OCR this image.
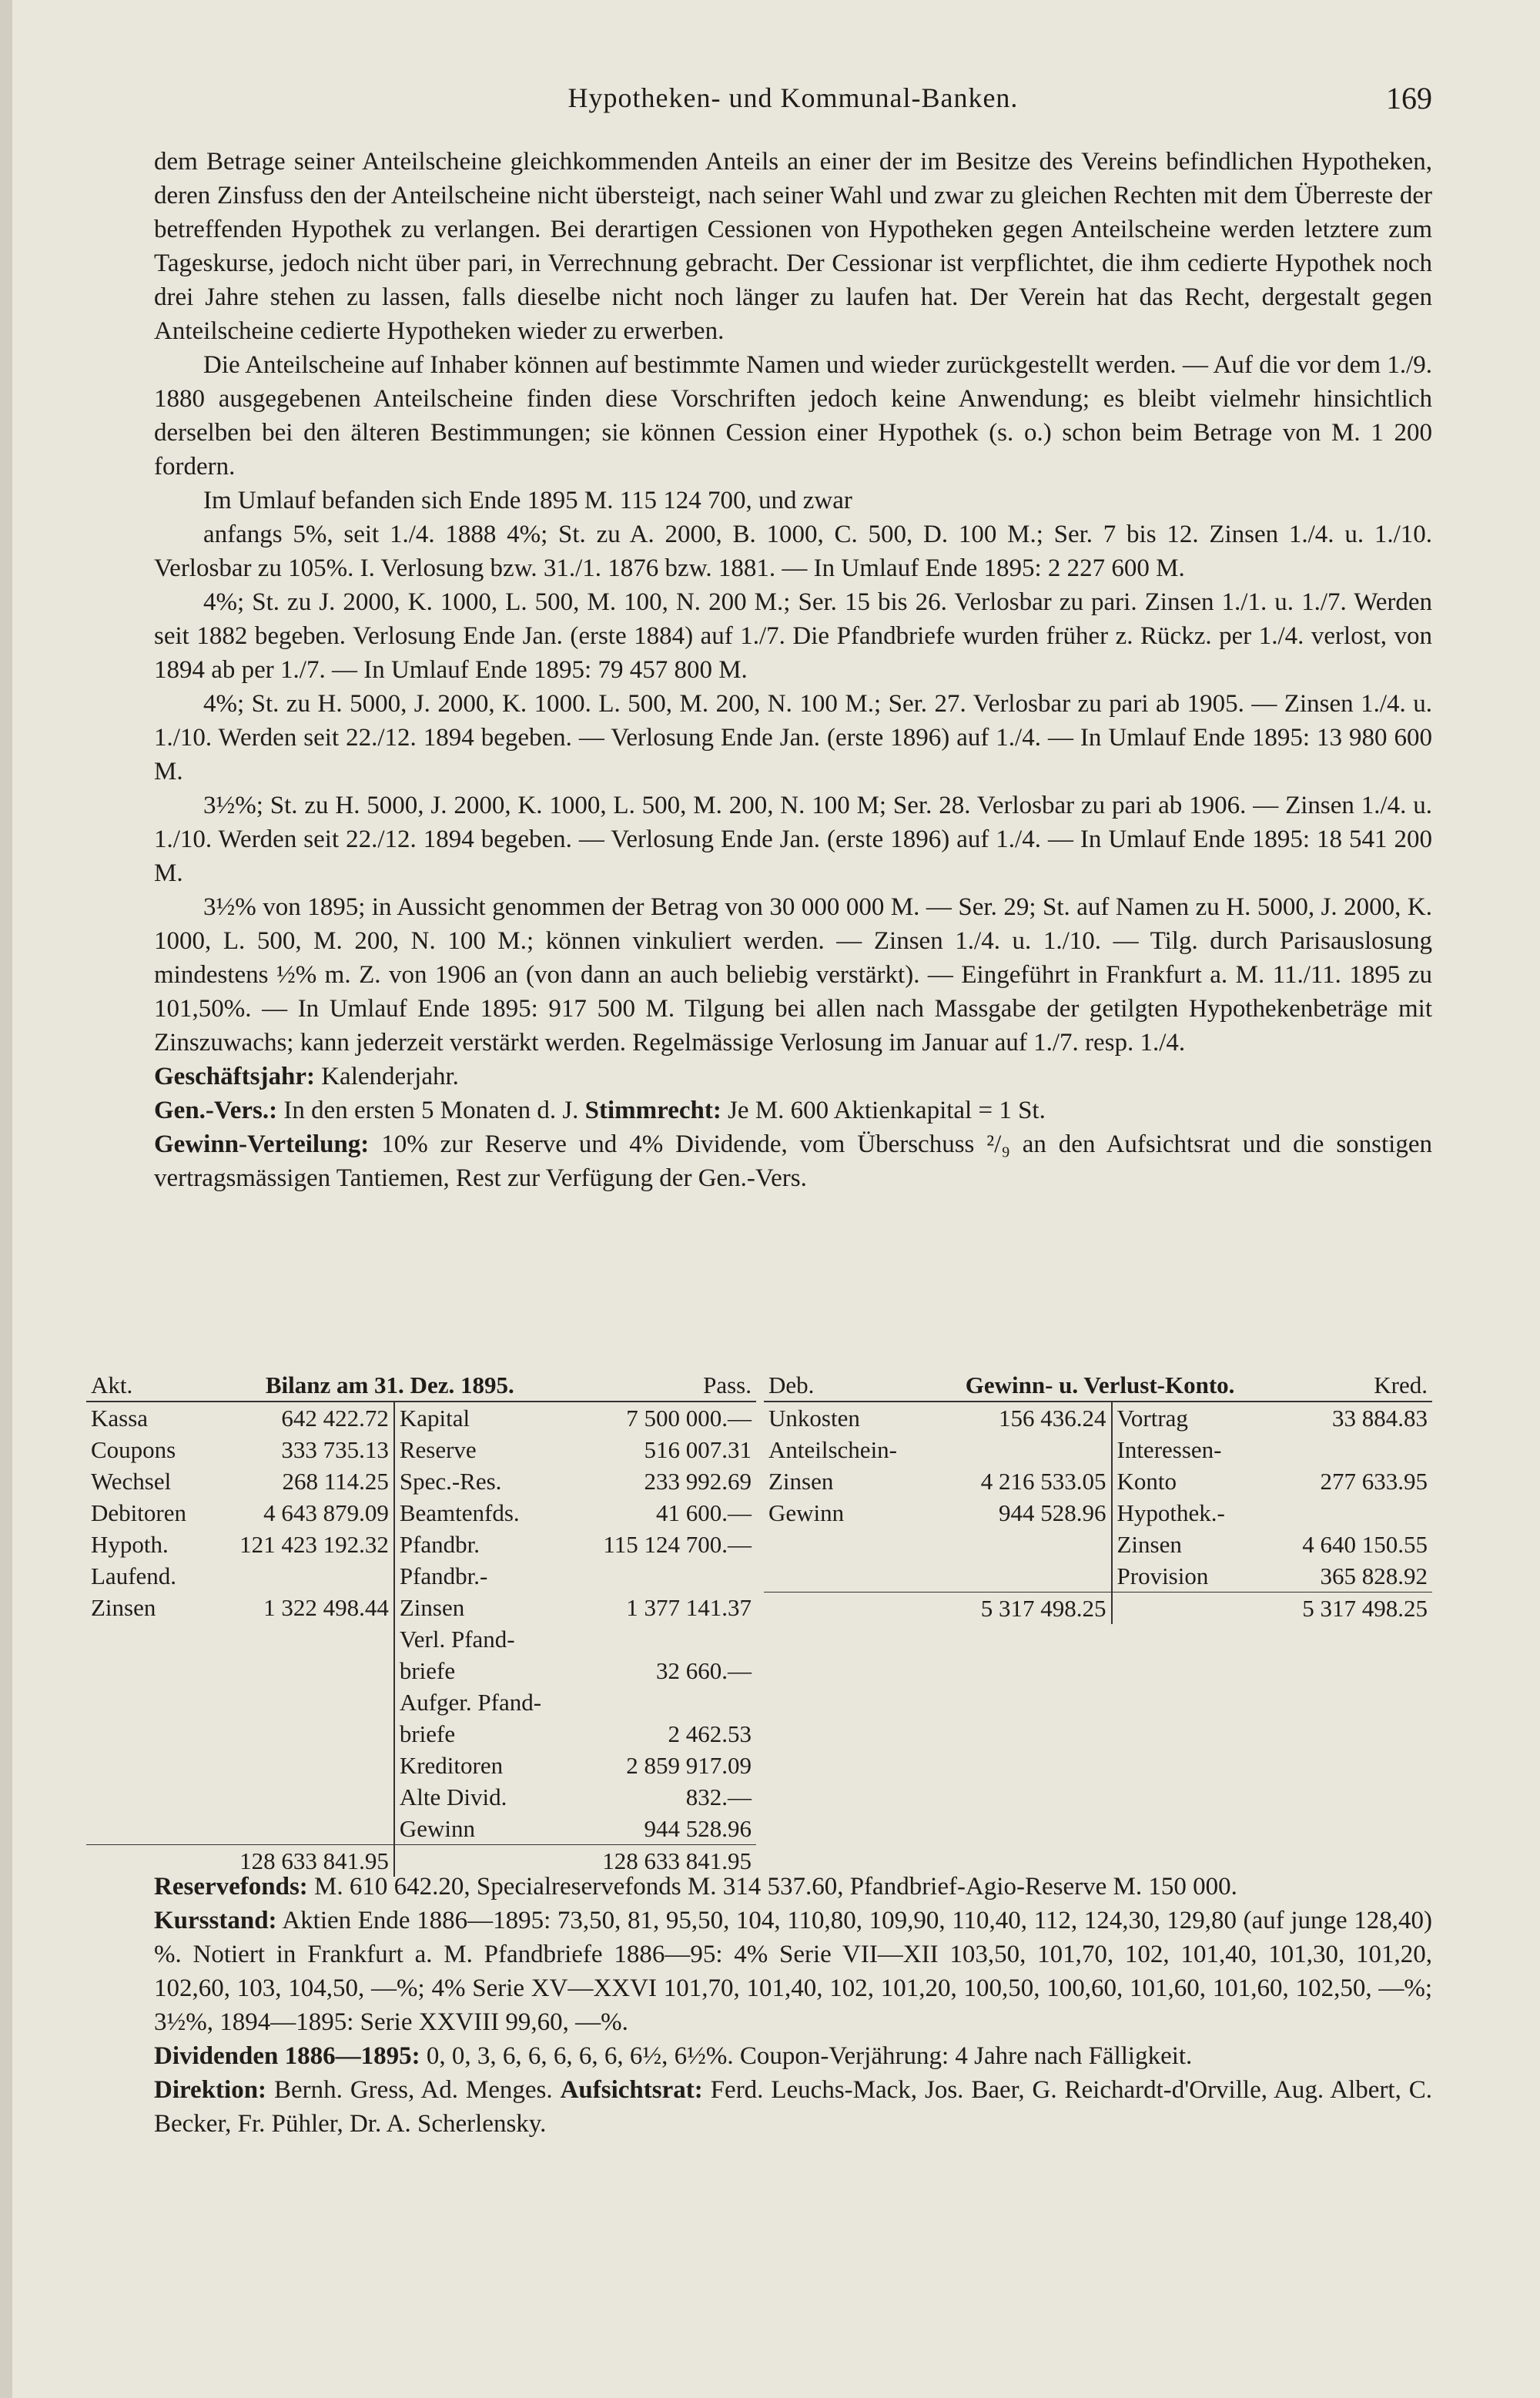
Hypotheken- und Kommunal-Banken.	169

dem Betrage seiner Anteilscheine gleichkommenden Anteils an einer der im Besitze des Vereins befindlichen Hypotheken, deren Zinsfuss den der Anteilscheine nicht übersteigt, nach seiner Wahl und zwar zu gleichen Rechten mit dem Überreste der betreffenden Hypothek zu verlangen. Bei derartigen Cessionen von Hypotheken gegen Anteilscheine werden letztere zum Tageskurse, jedoch nicht über pari, in Verrechnung gebracht. Der Cessionar ist verpflichtet, die ihm cedierte Hypothek noch drei Jahre stehen zu lassen, falls dieselbe nicht noch länger zu laufen hat. Der Verein hat das Recht, dergestalt gegen Anteilscheine cedierte Hypotheken wieder zu erwerben.

Die Anteilscheine auf Inhaber können auf bestimmte Namen und wieder zurückgestellt werden. — Auf die vor dem 1./9. 1880 ausgegebenen Anteilscheine finden diese Vorschriften jedoch keine Anwendung; es bleibt vielmehr hinsichtlich derselben bei den älteren Bestimmungen; sie können Cession einer Hypothek (s. o.) schon beim Betrage von M. 1 200 fordern.

Im Umlauf befanden sich Ende 1895 M. 115 124 700, und zwar

anfangs 5%, seit 1./4. 1888 4%; St. zu A. 2000, B. 1000, C. 500, D. 100 M.; Ser. 7 bis 12. Zinsen 1./4. u. 1./10. Verlosbar zu 105%. I. Verlosung bzw. 31./1. 1876 bzw. 1881. — In Umlauf Ende 1895: 2 227 600 M.

4%; St. zu J. 2000, K. 1000, L. 500, M. 100, N. 200 M.; Ser. 15 bis 26. Verlosbar zu pari. Zinsen 1./1. u. 1./7. Werden seit 1882 begeben. Verlosung Ende Jan. (erste 1884) auf 1./7. Die Pfandbriefe wurden früher z. Rückz. per 1./4. verlost, von 1894 ab per 1./7. — In Umlauf Ende 1895: 79 457 800 M.

4%; St. zu H. 5000, J. 2000, K. 1000. L. 500, M. 200, N. 100 M.; Ser. 27. Verlosbar zu pari ab 1905. — Zinsen 1./4. u. 1./10. Werden seit 22./12. 1894 begeben. — Verlosung Ende Jan. (erste 1896) auf 1./4. — In Umlauf Ende 1895: 13 980 600 M.

3½%; St. zu H. 5000, J. 2000, K. 1000, L. 500, M. 200, N. 100 M; Ser. 28. Verlosbar zu pari ab 1906. — Zinsen 1./4. u. 1./10. Werden seit 22./12. 1894 begeben. — Verlosung Ende Jan. (erste 1896) auf 1./4. — In Umlauf Ende 1895: 18 541 200 M.

3½% von 1895; in Aussicht genommen der Betrag von 30 000 000 M. — Ser. 29; St. auf Namen zu H. 5000, J. 2000, K. 1000, L. 500, M. 200, N. 100 M.; können vinkuliert werden. — Zinsen 1./4. u. 1./10. — Tilg. durch Parisauslosung mindestens ½% m. Z. von 1906 an (von dann an auch beliebig verstärkt). — Eingeführt in Frankfurt a. M. 11./11. 1895 zu 101,50%. — In Umlauf Ende 1895: 917 500 M. Tilgung bei allen nach Massgabe der getilgten Hypothekenbeträge mit Zinszuwachs; kann jederzeit verstärkt werden. Regelmässige Verlosung im Januar auf 1./7. resp. 1./4.

Geschäftsjahr: Kalenderjahr.

Gen.-Vers.: In den ersten 5 Monaten d. J. Stimmrecht: Je M. 600 Aktienkapital = 1 St.

Gewinn-Verteilung: 10% zur Reserve und 4% Dividende, vom Überschuss ²/₉ an den Aufsichtsrat und die sonstigen vertragsmässigen Tantiemen, Rest zur Verfügung der Gen.-Vers.

Akt.	Bilanz am 31. Dez. 1895.		Pass.
Kassa	642 422.72	Kapital	7 500 000.—
Coupons	333 735.13	Reserve	516 007.31
Wechsel	268 114.25	Spec.-Res.	233 992.69
Debitoren	4 643 879.09	Beamtenfds.	41 600.—
Hypoth.	121 423 192.32	Pfandbr.	115 124 700.—
Laufend.		Pfandbr.-	
Zinsen	1 322 498.44	Zinsen	1 377 141.37
		Verl. Pfand-	
		briefe	32 660.—
		Aufger. Pfand-	
		briefe	2 462.53
		Kreditoren	2 859 917.09
		Alte Divid.	832.—
		Gewinn	944 528.96
	128 633 841.95		128 633 841.95
Deb.	Gewinn- u. Verlust-Konto.		Kred.
Unkosten	156 436.24	Vortrag	33 884.83
Anteilschein-		Interessen-	
Zinsen	4 216 533.05	Konto	277 633.95
Gewinn	944 528.96	Hypothek.-	
		Zinsen	4 640 150.55
		Provision	365 828.92
	5 317 498.25		5 317 498.25

Reservefonds: M. 610 642.20, Specialreservefonds M. 314 537.60, Pfandbrief-Agio-Reserve M. 150 000.

Kursstand: Aktien Ende 1886—1895: 73,50, 81, 95,50, 104, 110,80, 109,90, 110,40, 112, 124,30, 129,80 (auf junge 128,40) %. Notiert in Frankfurt a. M. Pfandbriefe 1886—95: 4% Serie VII—XII 103,50, 101,70, 102, 101,40, 101,30, 101,20, 102,60, 103, 104,50, —%; 4% Serie XV—XXVI 101,70, 101,40, 102, 101,20, 100,50, 100,60, 101,60, 101,60, 102,50, —%; 3½%, 1894—1895: Serie XXVIII 99,60, —%.

Dividenden 1886—1895: 0, 0, 3, 6, 6, 6, 6, 6, 6½, 6½%. Coupon-Verjährung: 4 Jahre nach Fälligkeit.

Direktion: Bernh. Gress, Ad. Menges. Aufsichtsrat: Ferd. Leuchs-Mack, Jos. Baer, G. Reichardt-d'Orville, Aug. Albert, C. Becker, Fr. Pühler, Dr. A. Scherlensky.
